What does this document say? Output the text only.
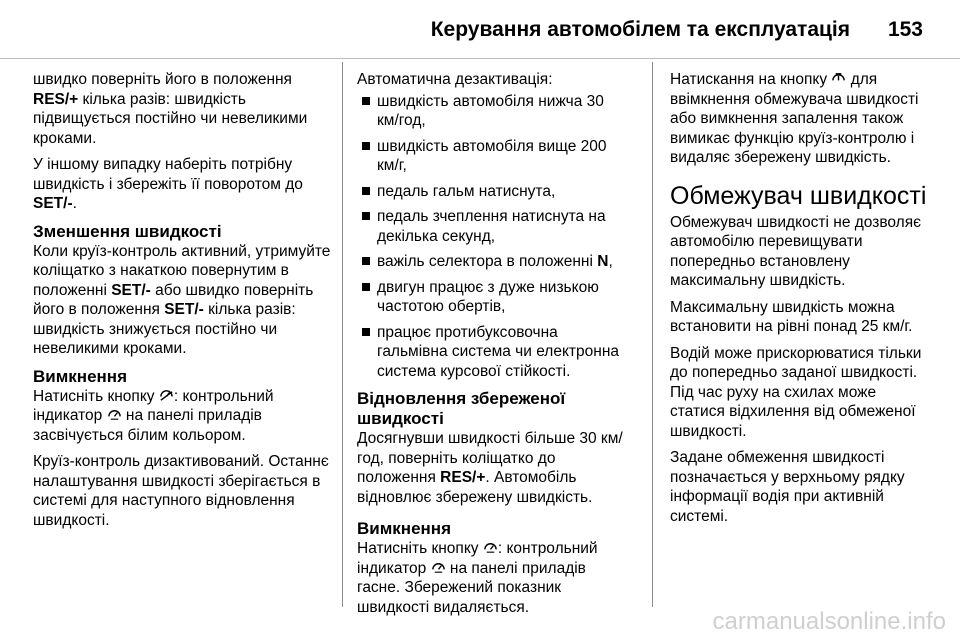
Керування автомобілем та експлуатація 153

швидко поверніть його в положення RES/+ кілька разів: швидкість підвищується постійно чи невеликими кроками.

У іншому випадку наберіть потрібну швидкість і збережіть її поворотом до SET/-.

Зменшення швидкості

Коли круїз-контроль активний, утримуйте коліщатко з накаткою повернутим в положенні SET/- або швидко поверніть його в положення SET/- кілька разів: швидкість знижується постійно чи невеликими кроками.

Вимкнення

Натисніть кнопку
: контрольний індикатор
на панелі приладів засвічується білим кольором.

Круїз-контроль дизактивований. Останнє налаштування швидкості зберігається в системі для наступного відновлення швидкості.

Автоматична дезактивація:

швидкість автомобіля нижча 30 км/год,
швидкість автомобіля вище 200 км/г,
педаль гальм натиснута,
педаль зчеплення натиснута на декілька секунд,
важіль селектора в положенні N,
двигун працює з дуже низькою частотою обертів,
працює протибуксовочна гальмівна система чи електронна система курсової стійкості.
Відновлення збереженої швидкості

Досягнувши швидкості більше 30 км/год, поверніть коліщатко до положення RES/+. Автомобіль відновлює збережену швидкість.

Вимкнення

Натисніть кнопку
: контрольний індикатор
на панелі приладів гасне. Збережений показник швидкості видаляється.

Натискання на кнопку
для ввімкнення обмежувача швидкості або вимкнення запалення також вимикає функцію круїз-контролю і видаляє збережену швидкість.

Обмежувач швидкості

Обмежувач швидкості не дозволяє автомобілю перевищувати попередньо встановлену максимальну швидкість.

Максимальну швидкість можна встановити на рівні понад 25 км/г.

Водій може прискорюватися тільки до попередньо заданої швидкості. Під час руху на схилах може статися відхилення від обмеженої швидкості.

Задане обмеження швидкості позначається у верхньому рядку інформації водія при активній системі.

carmanualsonline.info
